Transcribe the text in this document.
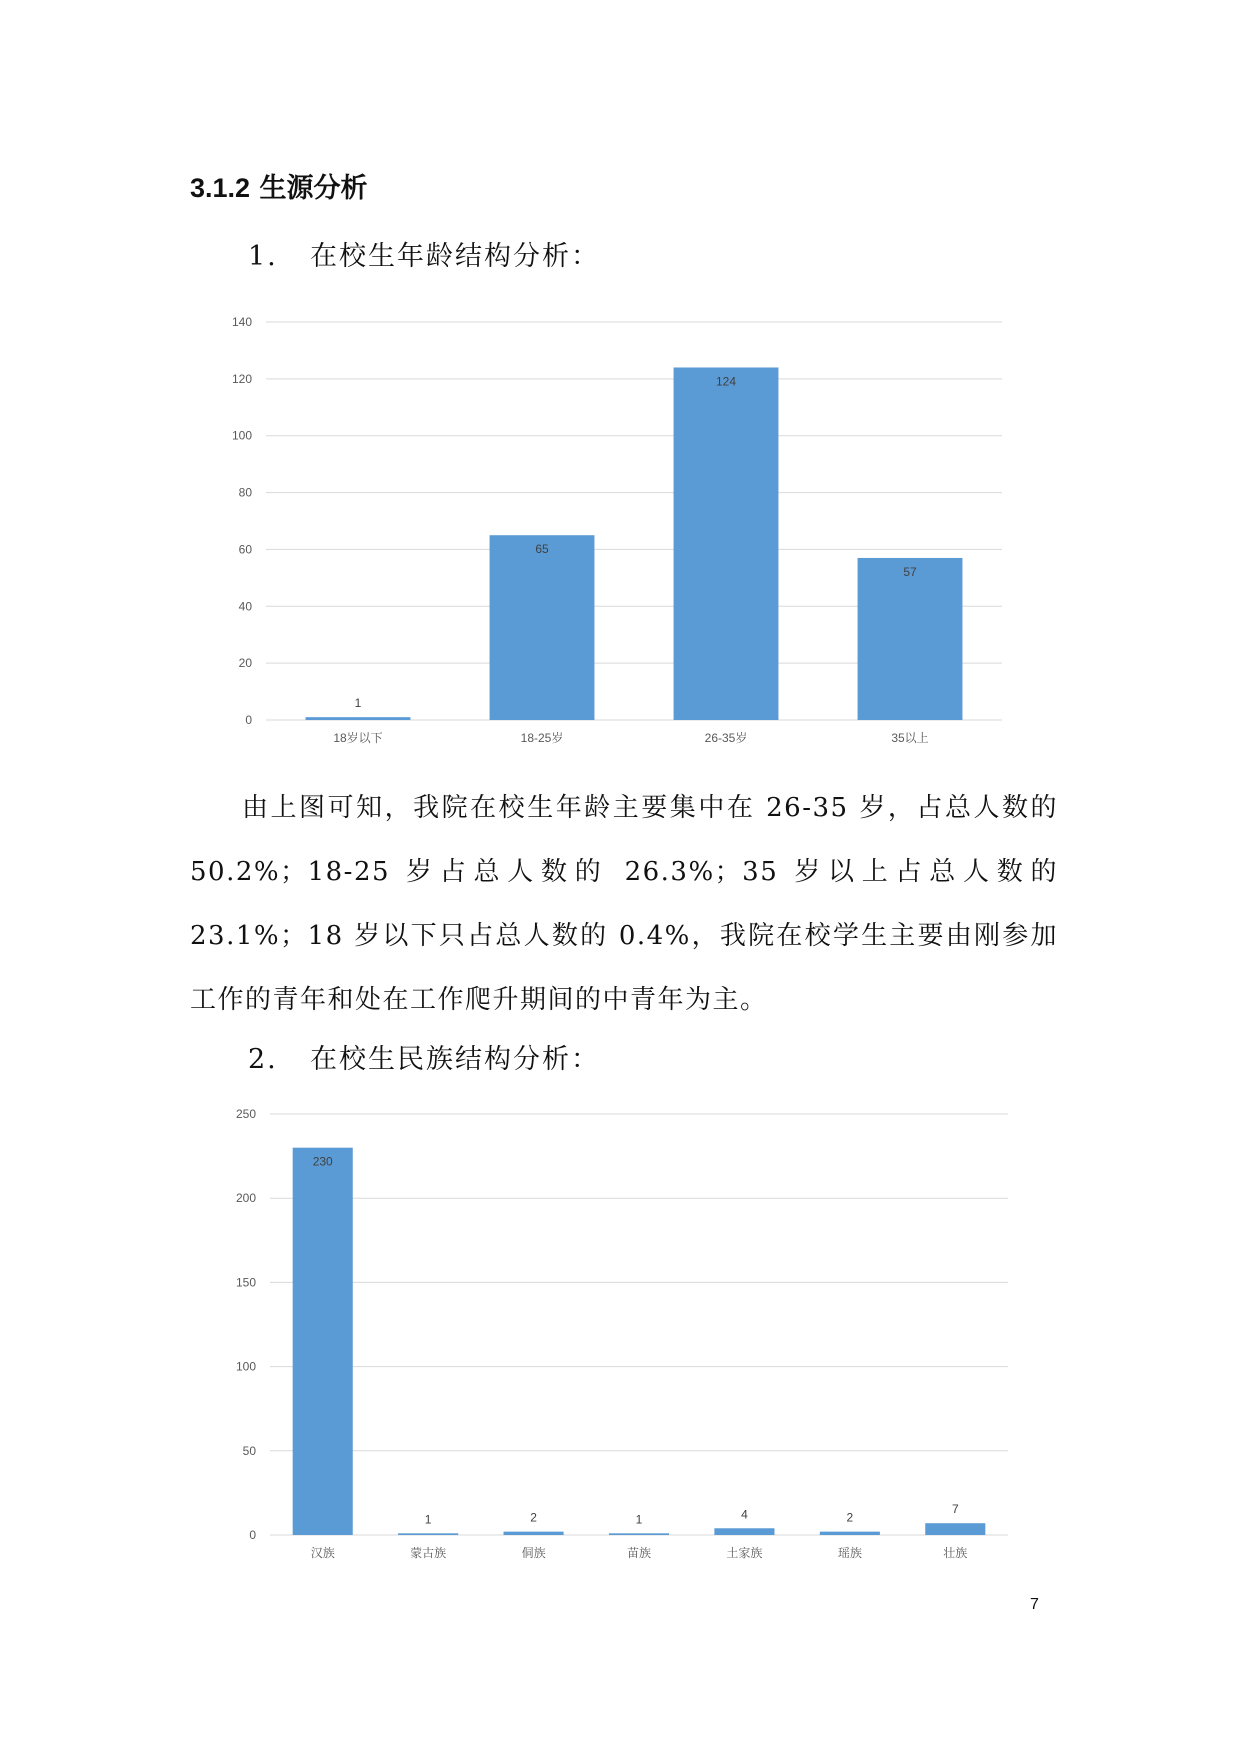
3.1.2 生源分析
1. 在校生年龄结构分析：
0
20
40
60
80
100
120
140
1
18岁以下
65
18-25岁
124
26-35岁
57
35以上

由上图可知，我院在校生年龄主要集中在 26-35 岁，占总人数的 50.2%；18-25 岁占总人数的 26.3%；35 岁以上占总人数的 23.1%；18 岁以下只占总人数的 0.4%，我院在校学生主要由刚参加工作的青年和处在工作爬升期间的中青年为主。

2. 在校生民族结构分析：
0
50
100
150
200
250
230
汉族
1
蒙古族
2
侗族
1
苗族
4
土家族
2
瑶族
7
壮族
7
